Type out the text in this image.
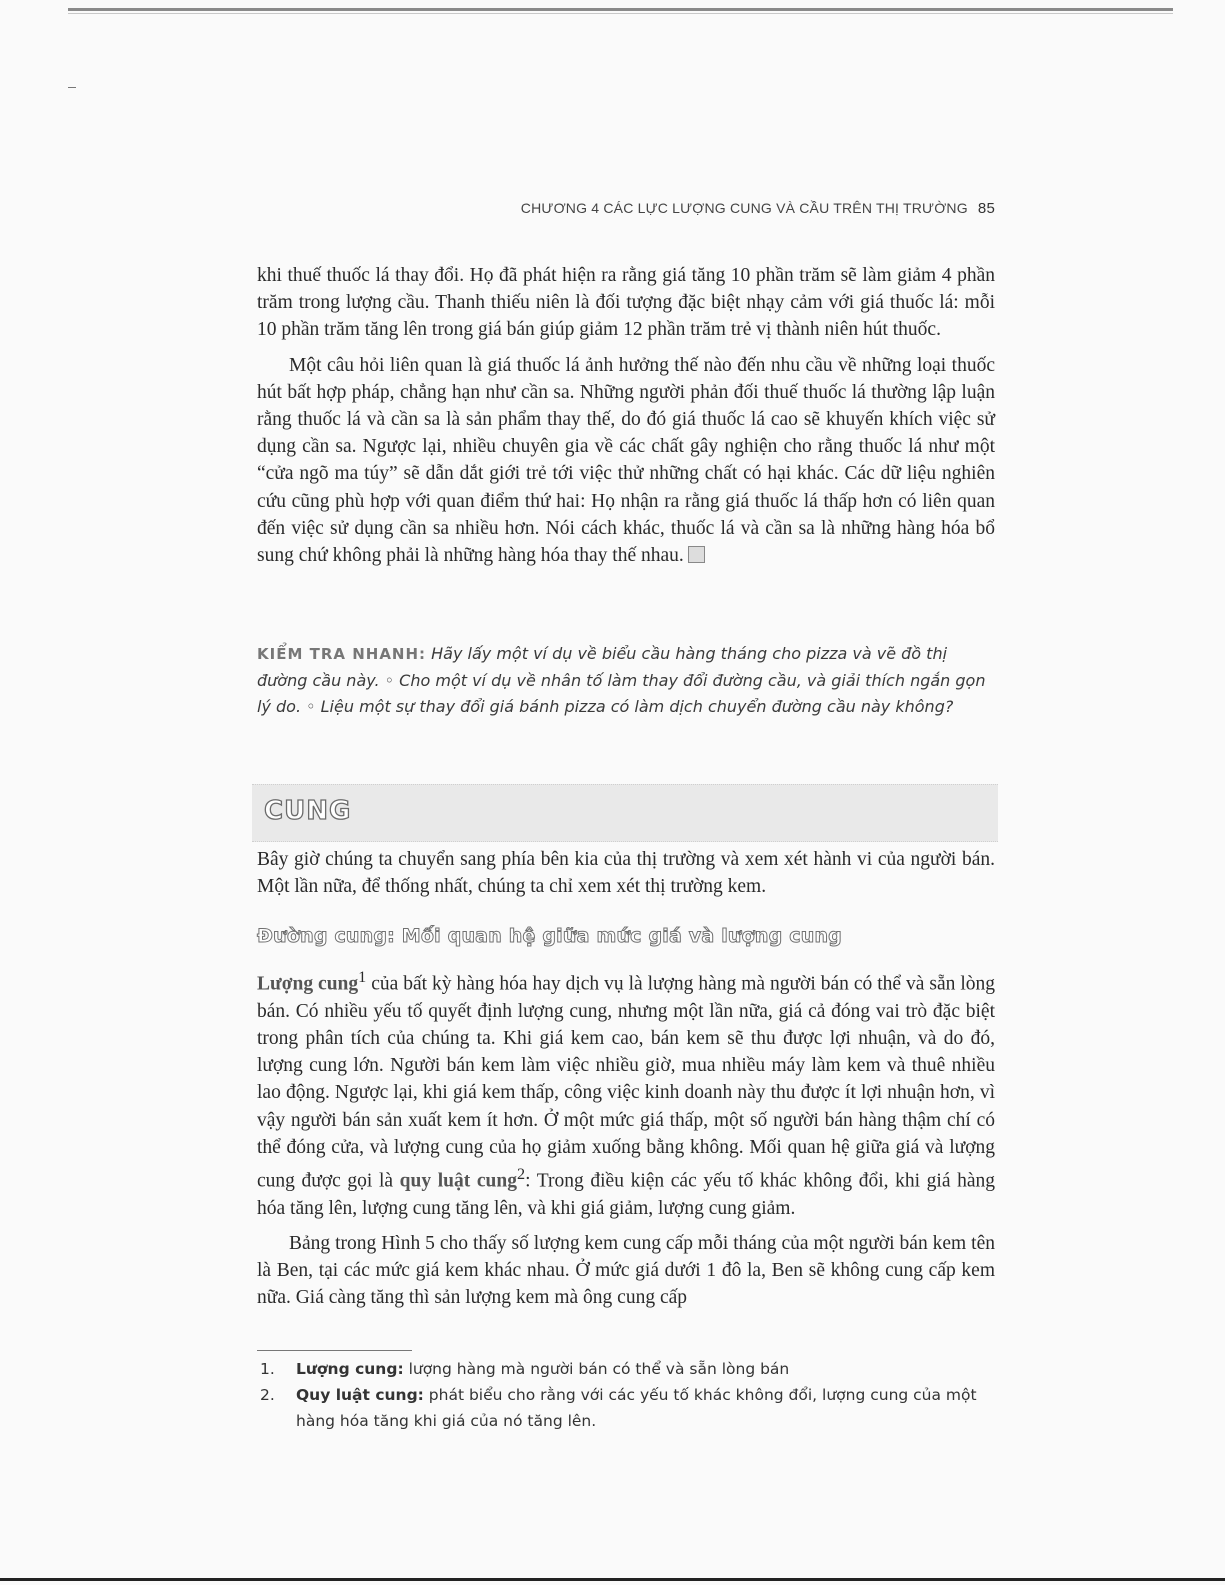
CHƯƠNG 4 CÁC LỰC LƯỢNG CUNG VÀ CẦU TRÊN THỊ TRƯỜNG 85

khi thuế thuốc lá thay đổi. Họ đã phát hiện ra rằng giá tăng 10 phần trăm sẽ làm giảm 4 phần trăm trong lượng cầu. Thanh thiếu niên là đối tượng đặc biệt nhạy cảm với giá thuốc lá: mỗi 10 phần trăm tăng lên trong giá bán giúp giảm 12 phần trăm trẻ vị thành niên hút thuốc.

Một câu hỏi liên quan là giá thuốc lá ảnh hưởng thế nào đến nhu cầu về những loại thuốc hút bất hợp pháp, chẳng hạn như cần sa. Những người phản đối thuế thuốc lá thường lập luận rằng thuốc lá và cần sa là sản phẩm thay thế, do đó giá thuốc lá cao sẽ khuyến khích việc sử dụng cần sa. Ngược lại, nhiều chuyên gia về các chất gây nghiện cho rằng thuốc lá như một “cửa ngõ ma túy” sẽ dẫn dắt giới trẻ tới việc thử những chất có hại khác. Các dữ liệu nghiên cứu cũng phù hợp với quan điểm thứ hai: Họ nhận ra rằng giá thuốc lá thấp hơn có liên quan đến việc sử dụng cần sa nhiều hơn. Nói cách khác, thuốc lá và cần sa là những hàng hóa bổ sung chứ không phải là những hàng hóa thay thế nhau.

KIỂM TRA NHANH: Hãy lấy một ví dụ về biểu cầu hàng tháng cho pizza và vẽ đồ thị đường cầu này. ◦ Cho một ví dụ về nhân tố làm thay đổi đường cầu, và giải thích ngắn gọn lý do. ◦ Liệu một sự thay đổi giá bánh pizza có làm dịch chuyển đường cầu này không?
CUNG

Bây giờ chúng ta chuyển sang phía bên kia của thị trường và xem xét hành vi của người bán. Một lần nữa, để thống nhất, chúng ta chỉ xem xét thị trường kem.

Đường cung: Mối quan hệ giữa mức giá và lượng cung

Lượng cung$^1$ của bất kỳ hàng hóa hay dịch vụ là lượng hàng mà người bán có thể và sẵn lòng bán. Có nhiều yếu tố quyết định lượng cung, nhưng một lần nữa, giá cả đóng vai trò đặc biệt trong phân tích của chúng ta. Khi giá kem cao, bán kem sẽ thu được lợi nhuận, và do đó, lượng cung lớn. Người bán kem làm việc nhiều giờ, mua nhiều máy làm kem và thuê nhiều lao động. Ngược lại, khi giá kem thấp, công việc kinh doanh này thu được ít lợi nhuận hơn, vì vậy người bán sản xuất kem ít hơn. Ở một mức giá thấp, một số người bán hàng thậm chí có thể đóng cửa, và lượng cung của họ giảm xuống bằng không. Mối quan hệ giữa giá và lượng cung được gọi là quy luật cung$^2$: Trong điều kiện các yếu tố khác không đổi, khi giá hàng hóa tăng lên, lượng cung tăng lên, và khi giá giảm, lượng cung giảm.

Bảng trong Hình 5 cho thấy số lượng kem cung cấp mỗi tháng của một người bán kem tên là Ben, tại các mức giá kem khác nhau. Ở mức giá dưới 1 đô la, Ben sẽ không cung cấp kem nữa. Giá càng tăng thì sản lượng kem mà ông cung cấp

1. Lượng cung: lượng hàng mà người bán có thể và sẵn lòng bán
2. Quy luật cung: phát biểu cho rằng với các yếu tố khác không đổi, lượng cung của một hàng hóa tăng khi giá của nó tăng lên.
